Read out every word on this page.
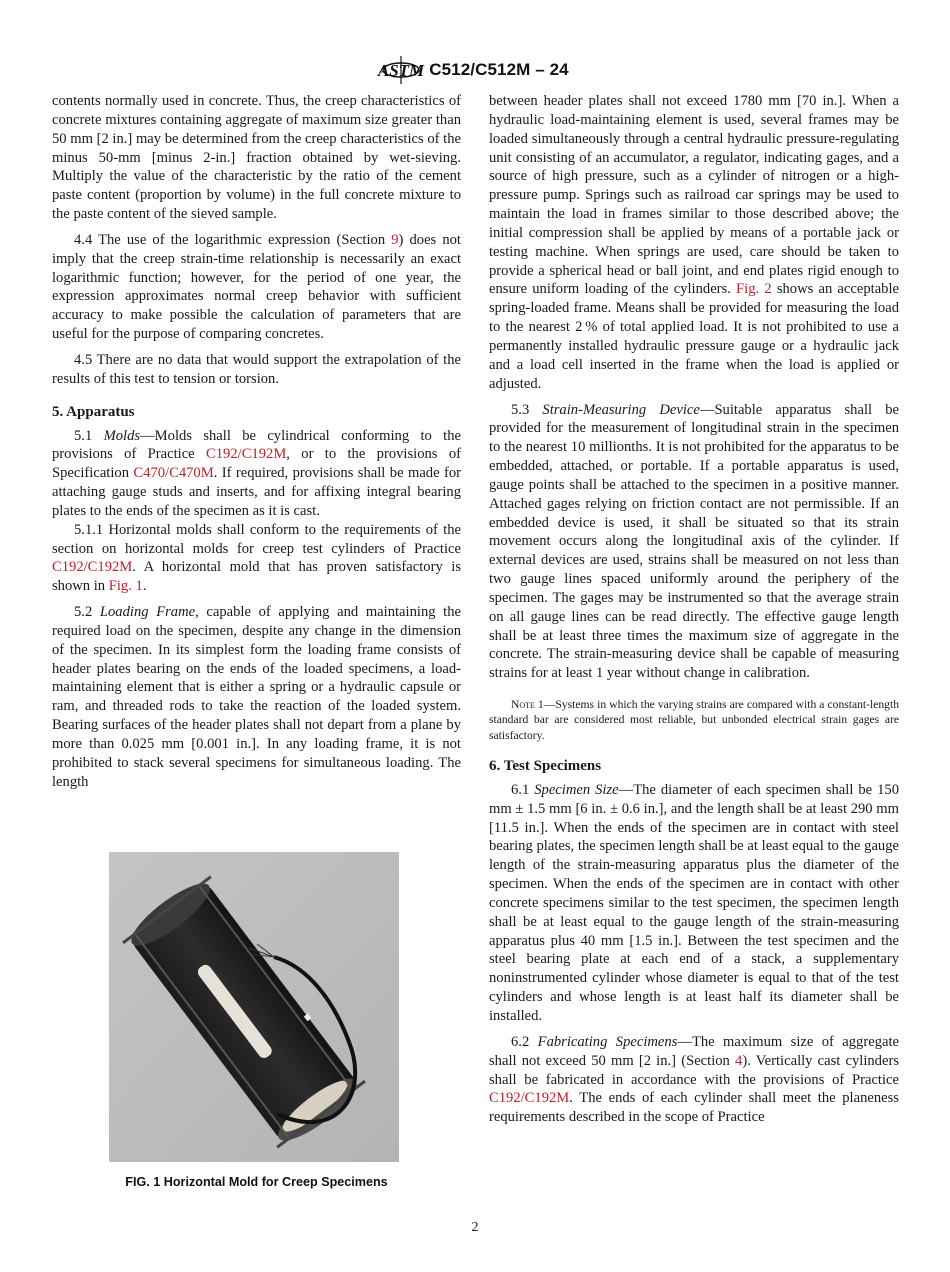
ASTM C512/C512M – 24

contents normally used in concrete. Thus, the creep characteristics of concrete mixtures containing aggregate of maximum size greater than 50 mm [2 in.] may be determined from the creep characteristics of the minus 50-mm [minus 2-in.] fraction obtained by wet-sieving. Multiply the value of the characteristic by the ratio of the cement paste content (proportion by volume) in the full concrete mixture to the paste content of the sieved sample.

4.4 The use of the logarithmic expression (Section 9) does not imply that the creep strain-time relationship is necessarily an exact logarithmic function; however, for the period of one year, the expression approximates normal creep behavior with sufficient accuracy to make possible the calculation of parameters that are useful for the purpose of comparing concretes.

4.5 There are no data that would support the extrapolation of the results of this test to tension or torsion.

5. Apparatus

5.1 Molds—Molds shall be cylindrical conforming to the provisions of Practice C192/C192M, or to the provisions of Specification C470/C470M. If required, provisions shall be made for attaching gauge studs and inserts, and for affixing integral bearing plates to the ends of the specimen as it is cast.

5.1.1 Horizontal molds shall conform to the requirements of the section on horizontal molds for creep test cylinders of Practice C192/C192M. A horizontal mold that has proven satisfactory is shown in Fig. 1.

5.2 Loading Frame, capable of applying and maintaining the required load on the specimen, despite any change in the dimension of the specimen. In its simplest form the loading frame consists of header plates bearing on the ends of the loaded specimens, a load-maintaining element that is either a spring or a hydraulic capsule or ram, and threaded rods to take the reaction of the loaded system. Bearing surfaces of the header plates shall not depart from a plane by more than 0.025 mm [0.001 in.]. In any loading frame, it is not prohibited to stack several specimens for simultaneous loading. The length

FIG. 1 Horizontal Mold for Creep Specimens

between header plates shall not exceed 1780 mm [70 in.]. When a hydraulic load-maintaining element is used, several frames may be loaded simultaneously through a central hydraulic pressure-regulating unit consisting of an accumulator, a regulator, indicating gages, and a source of high pressure, such as a cylinder of nitrogen or a high-pressure pump. Springs such as railroad car springs may be used to maintain the load in frames similar to those described above; the initial compression shall be applied by means of a portable jack or testing machine. When springs are used, care should be taken to provide a spherical head or ball joint, and end plates rigid enough to ensure uniform loading of the cylinders. Fig. 2 shows an acceptable spring-loaded frame. Means shall be provided for measuring the load to the nearest 2 % of total applied load. It is not prohibited to use a permanently installed hydraulic pressure gauge or a hydraulic jack and a load cell inserted in the frame when the load is applied or adjusted.

5.3 Strain-Measuring Device—Suitable apparatus shall be provided for the measurement of longitudinal strain in the specimen to the nearest 10 millionths. It is not prohibited for the apparatus to be embedded, attached, or portable. If a portable apparatus is used, gauge points shall be attached to the specimen in a positive manner. Attached gages relying on friction contact are not permissible. If an embedded device is used, it shall be situated so that its strain movement occurs along the longitudinal axis of the cylinder. If external devices are used, strains shall be measured on not less than two gauge lines spaced uniformly around the periphery of the specimen. The gages may be instrumented so that the average strain on all gauge lines can be read directly. The effective gauge length shall be at least three times the maximum size of aggregate in the concrete. The strain-measuring device shall be capable of measuring strains for at least 1 year without change in calibration.

Note 1—Systems in which the varying strains are compared with a constant-length standard bar are considered most reliable, but unbonded electrical strain gages are satisfactory.

6. Test Specimens

6.1 Specimen Size—The diameter of each specimen shall be 150 mm ± 1.5 mm [6 in. ± 0.6 in.], and the length shall be at least 290 mm [11.5 in.]. When the ends of the specimen are in contact with steel bearing plates, the specimen length shall be at least equal to the gauge length of the strain-measuring apparatus plus the diameter of the specimen. When the ends of the specimen are in contact with other concrete specimens similar to the test specimen, the specimen length shall be at least equal to the gauge length of the strain-measuring apparatus plus 40 mm [1.5 in.]. Between the test specimen and the steel bearing plate at each end of a stack, a supplementary noninstrumented cylinder whose diameter is equal to that of the test cylinders and whose length is at least half its diameter shall be installed.

6.2 Fabricating Specimens—The maximum size of aggregate shall not exceed 50 mm [2 in.] (Section 4). Vertically cast cylinders shall be fabricated in accordance with the provisions of Practice C192/C192M. The ends of each cylinder shall meet the planeness requirements described in the scope of Practice

2
